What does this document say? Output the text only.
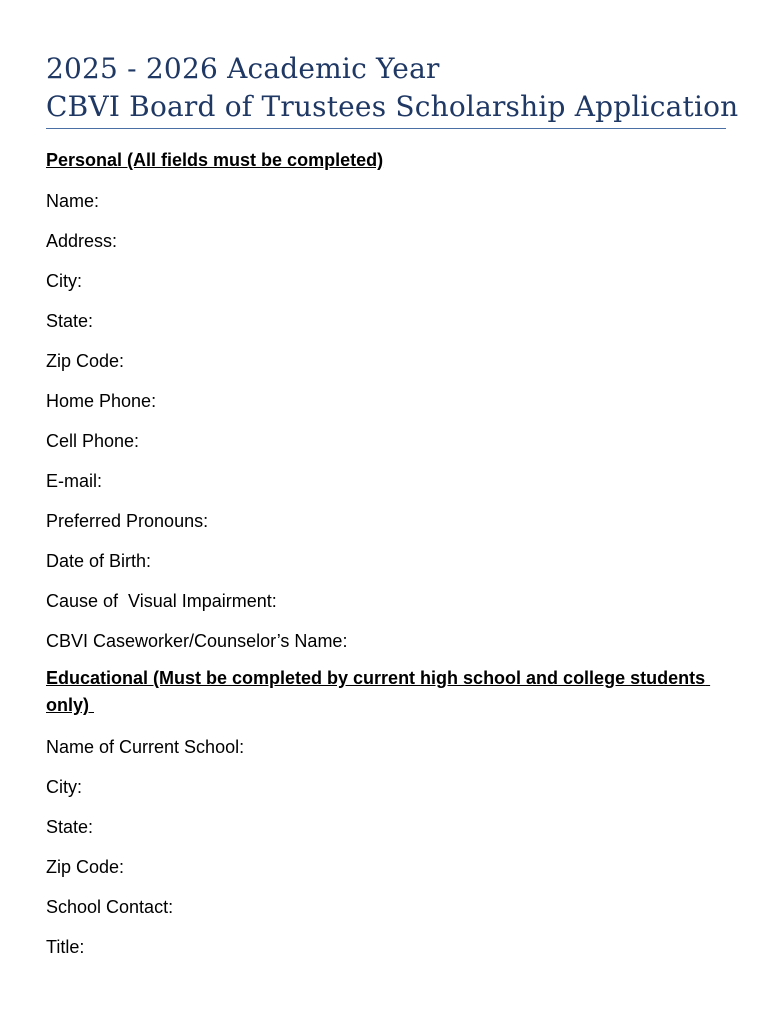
2025 - 2026 Academic Year
CBVI Board of Trustees Scholarship Application
Personal (All fields must be completed)
Name:
Address:
City:
State:
Zip Code:
Home Phone:
Cell Phone:
E-mail:
Preferred Pronouns:
Date of Birth:
Cause of  Visual Impairment:
CBVI Caseworker/Counselor’s Name:
Educational (Must be completed by current high school and college students only)
Name of Current School:
City:
State:
Zip Code:
School Contact:
Title:
